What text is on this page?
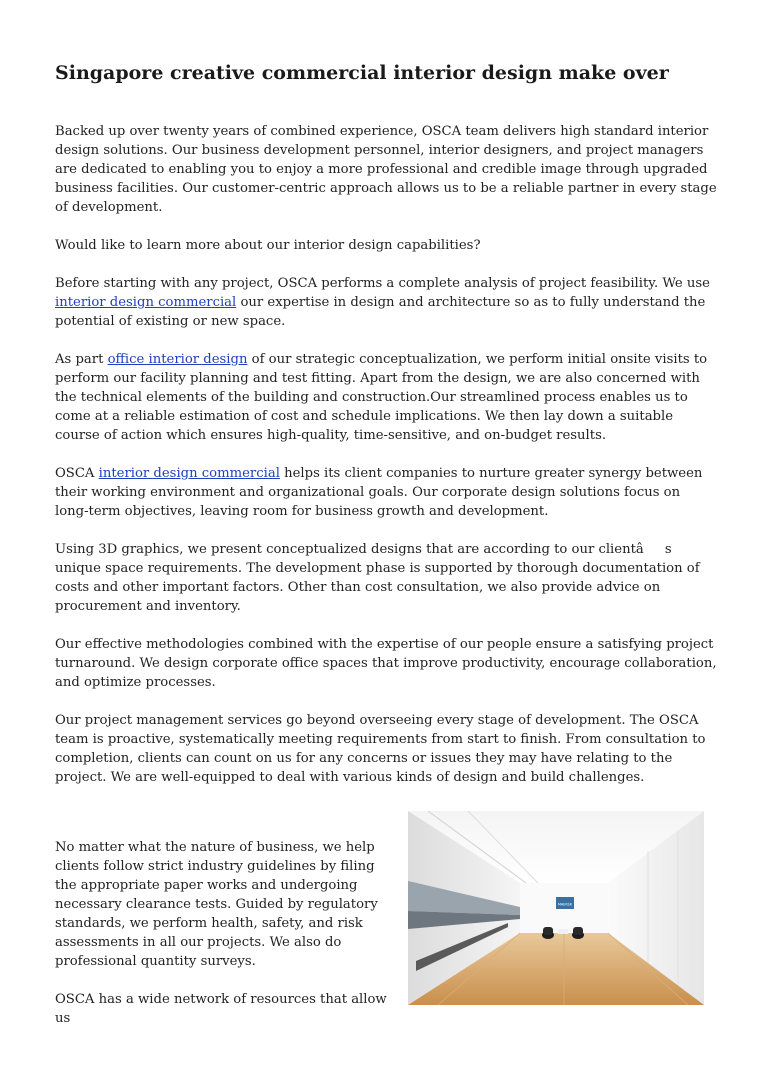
Singapore creative commercial interior design make over

Backed up over twenty years of combined experience, OSCA team delivers high standard interior design solutions. Our business development personnel, interior designers, and project managers are dedicated to enabling you to enjoy a more professional and credible image through upgraded business facilities. Our customer-centric approach allows us to be a reliable partner in every stage of development.

Would like to learn more about our interior design capabilities?

Before starting with any project, OSCA performs a complete analysis of project feasibility. We use interior design commercial our expertise in design and architecture so as to fully understand the potential of existing or new space.

As part office interior design of our strategic conceptualization, we perform initial onsite visits to perform our facility planning and test fitting. Apart from the design, we are also concerned with the technical elements of the building and construction.Our streamlined process enables us to come at a reliable estimation of cost and schedule implications. We then lay down a suitable course of action which ensures high-quality, time-sensitive, and on-budget results.

OSCA interior design commercial helps its client companies to nurture greater synergy between their working environment and organizational goals. Our corporate design solutions focus on long-term objectives, leaving room for business growth and development.

Using 3D graphics, we present conceptualized designs that are according to our clientâs unique space requirements. The development phase is supported by thorough documentation of costs and other important factors. Other than cost consultation, we also provide advice on procurement and inventory.

Our effective methodologies combined with the expertise of our people ensure a satisfying project turnaround. We design corporate office spaces that improve productivity, encourage collaboration, and optimize processes.

Our project management services go beyond overseeing every stage of development. The OSCA team is proactive, systematically meeting requirements from start to finish. From consultation to completion, clients can count on us for any concerns or issues they may have relating to the project. We are well-equipped to deal with various kinds of design and build challenges.

No matter what the nature of business, we help clients follow strict industry guidelines by filing the appropriate paper works and undergoing necessary clearance tests. Guided by regulatory standards, we perform health, safety, and risk assessments in all our projects. We also do professional quantity surveys.

OSCA has a wide network of resources that allow us

MAERSK
